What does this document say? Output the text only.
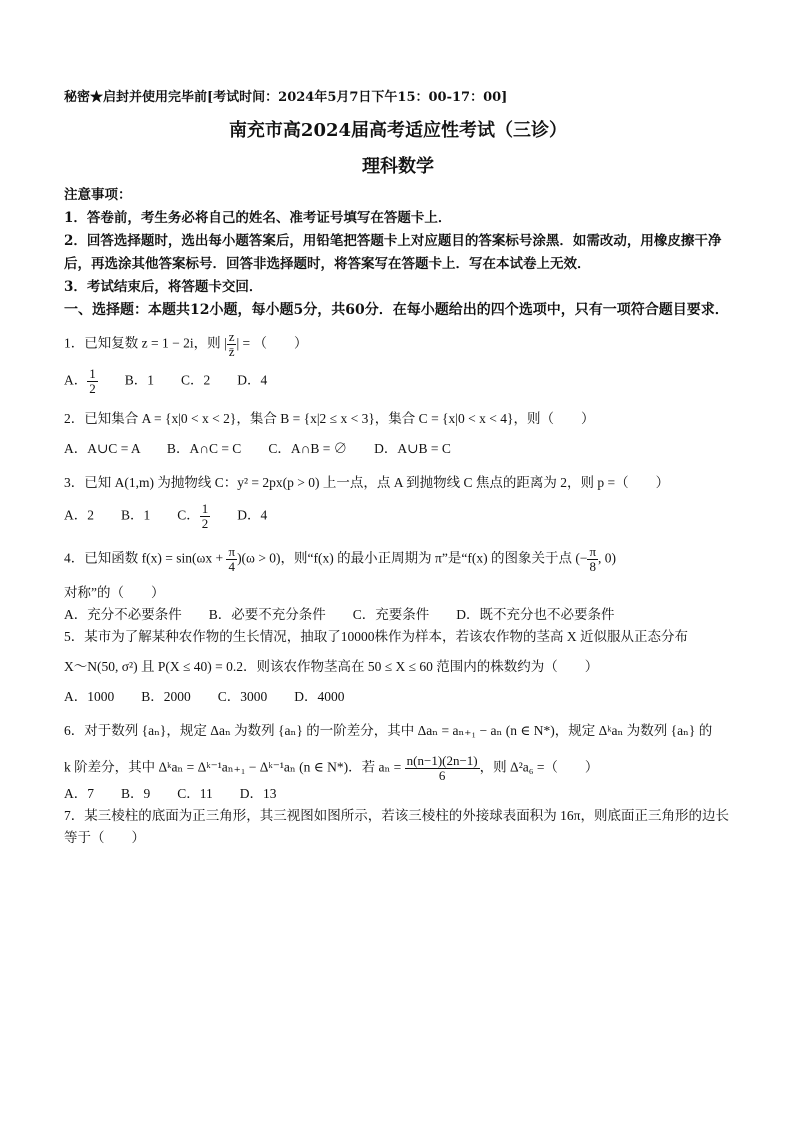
秘密★启封并使用完毕前[考试时间：2024年5月7日下午15：00-17：00]

南充市高2024届高考适应性考试（三诊）

理科数学

注意事项：

1．答卷前，考生务必将自己的姓名、准考证号填写在答题卡上．

2．回答选择题时，选出每小题答案后，用铅笔把答题卡上对应题目的答案标号涂黑．如需改动，用橡皮擦干净后，再选涂其他答案标号．回答非选择题时，将答案写在答题卡上．写在本试卷上无效．

3．考试结束后，将答题卡交回．

一、选择题：本题共12小题，每小题5分，共60分．在每小题给出的四个选项中，只有一项符合题目要求．

1．已知复数 z = 1 − 2i，则 | $\frac{z}{z̄}$ | = （　　）

A． $\frac{1}{2}$ 　　B．1　　C．2　　D．4

2．已知集合 A = {x|0 < x < 2}，集合 B = {x|2 ≤ x < 3}，集合 C = {x|0 < x < 4}，则（　　）

A．A∪C = A　　B．A∩C = C　　C．A∩B = ∅　　D．A∪B = C

3．已知 A(1,m) 为抛物线 C：y² = 2px(p > 0) 上一点，点 A 到抛物线 C 焦点的距离为 2，则 p =（　　）

A．2　　B．1　　C． $\frac{1}{2}$ 　　D．4

4．已知函数 $f(x) = \sin(\omega x + \frac{\pi}{4} )(\omega > 0)$，则“f(x) 的最小正周期为 π”是“f(x) 的图象关于点 (− $\frac{\pi}{8}$ , 0)

对称”的（　　）

A．充分不必要条件　　B．必要不充分条件　　C．充要条件　　D．既不充分也不必要条件

5．某市为了解某种农作物的生长情况，抽取了10000株作为样本，若该农作物的茎高 X 近似服从正态分布

X～N(50, σ²) 且 P(X ≤ 40) = 0.2．则该农作物茎高在 50 ≤ X ≤ 60 范围内的株数约为（　　）

A．1000　　B．2000　　C．3000　　D．4000

6．对于数列 {aₙ}，规定 Δaₙ 为数列 {aₙ} 的一阶差分，其中 Δaₙ = aₙ₊₁ − aₙ (n ∈ N*)，规定 Δᵏaₙ 为数列 {aₙ} 的

k 阶差分，其中 Δᵏaₙ = Δᵏ⁻¹aₙ₊₁ − Δᵏ⁻¹aₙ (n ∈ N*)．若 $a_n = \frac{n(n-1)(2n-1)}{6}$ ，则 Δ²a₆ =（　　）

A．7　　B．9　　C．11　　D．13

7．某三棱柱的底面为正三角形，其三视图如图所示，若该三棱柱的外接球表面积为 16π，则底面正三角形的边长等于（　　）
